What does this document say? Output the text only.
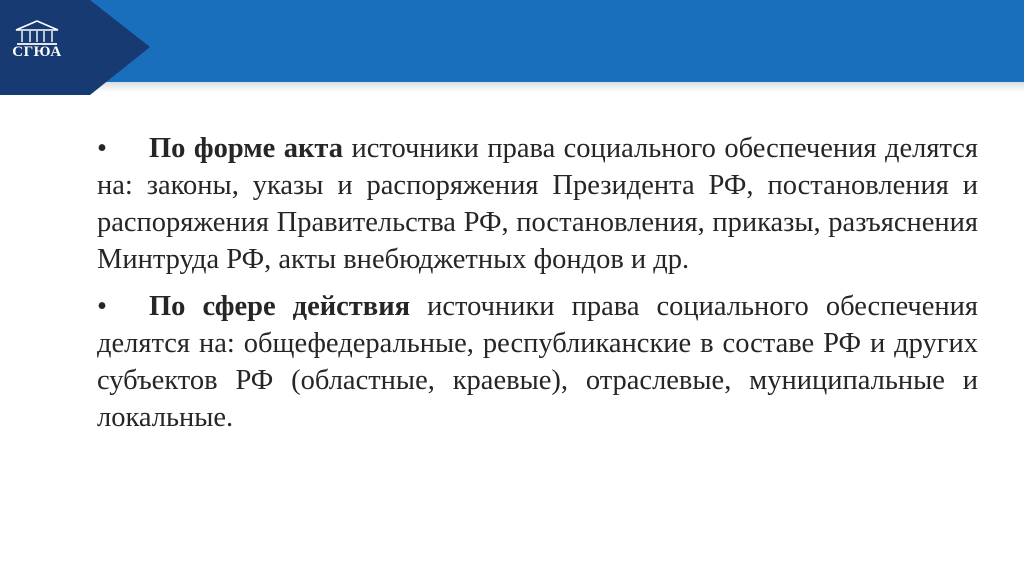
СГЮА

• По форме акта источники права социального обеспечения делятся на: законы, указы и распоряжения Президента РФ, постановления и распоряжения Правительства РФ, постановления, приказы, разъяснения Минтруда РФ, акты внебюджетных фондов и др.

• По сфере действия источники права социального обеспечения делятся на: общефедеральные, республиканские в составе РФ и других субъектов РФ (областные, краевые), отраслевые, муниципальные и локальные.
